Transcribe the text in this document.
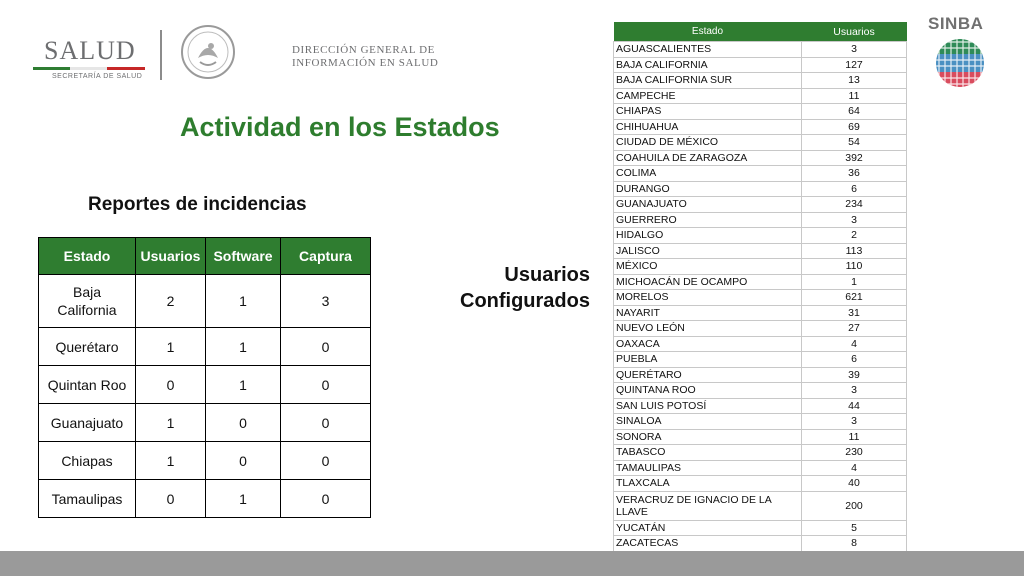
SALUD
SECRETARÍA DE SALUD
DIRECCIÓN GENERAL DE
INFORMACIÓN EN SALUD
SINBA
Actividad en los Estados
Reportes de incidencias
Usuarios
Configurados
Estado	Usuarios	Software	Captura
Baja California	2	1	3
Querétaro	1	1	0
Quintan Roo	0	1	0
Guanajuato	1	0	0
Chiapas	1	0	0
Tamaulipas	0	1	0
Estado	Usuarios
AGUASCALIENTES	3
BAJA CALIFORNIA	127
BAJA CALIFORNIA SUR	13
CAMPECHE	11
CHIAPAS	64
CHIHUAHUA	69
CIUDAD DE MÉXICO	54
COAHUILA DE ZARAGOZA	392
COLIMA	36
DURANGO	6
GUANAJUATO	234
GUERRERO	3
HIDALGO	2
JALISCO	113
MÉXICO	110
MICHOACÁN DE OCAMPO	1
MORELOS	621
NAYARIT	31
NUEVO LEÓN	27
OAXACA	4
PUEBLA	6
QUERÉTARO	39
QUINTANA ROO	3
SAN LUIS POTOSÍ	44
SINALOA	3
SONORA	11
TABASCO	230
TAMAULIPAS	4
TLAXCALA	40
VERACRUZ DE IGNACIO DE LA LLAVE	200
YUCATÁN	5
ZACATECAS	8
